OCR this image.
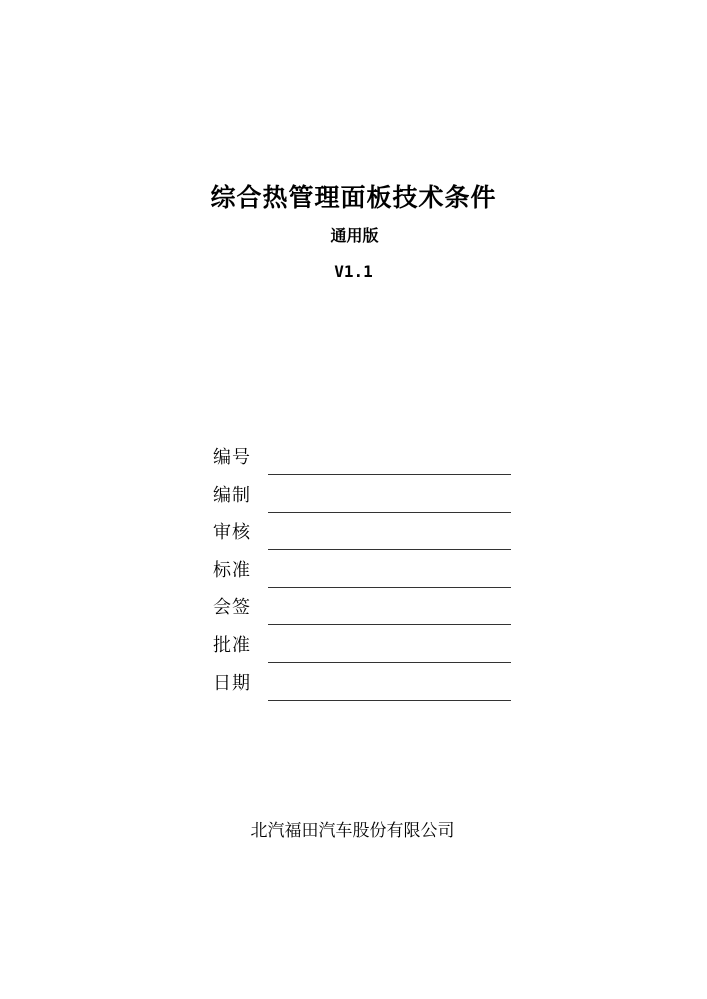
综合热管理面板技术条件
通用版
V1.1
编号
编制
审核
标准
会签
批准
日期
北汽福田汽车股份有限公司
